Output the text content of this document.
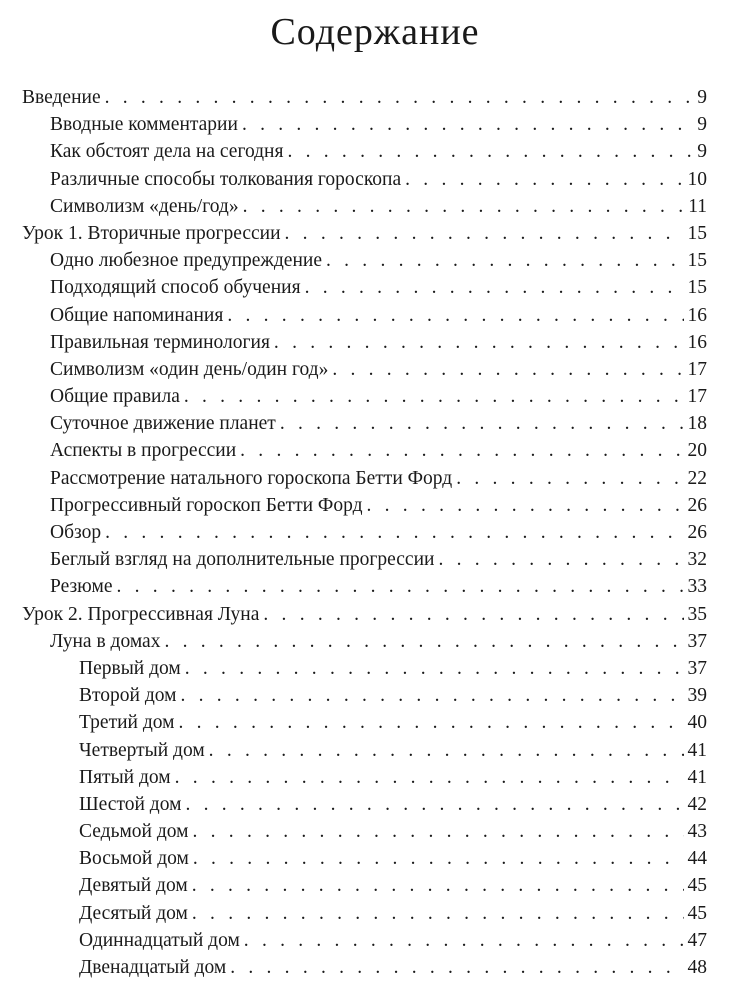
Содержание
Введение . . .	9
Вводные комментарии . . .	9
Как обстоят дела на сегодня . . .	9
Различные способы толкования гороскопа . . .	10
Символизм «день/год» . . .	11
Урок 1. Вторичные прогрессии . . .	15
Одно любезное предупреждение . . .	15
Подходящий способ обучения . . .	15
Общие напоминания . . .	16
Правильная терминология . . .	16
Символизм «один день/один год» . . .	17
Общие правила . . .	17
Суточное движение планет . . .	18
Аспекты в прогрессии . . .	20
Рассмотрение натального гороскопа Бетти Форд . . .	22
Прогрессивный гороскоп Бетти Форд . . .	26
Обзор . . .	26
Беглый взгляд на дополнительные прогрессии . . .	32
Резюме . . .	33
Урок 2. Прогрессивная Луна . . .	35
Луна в домах . . .	37
Первый дом . . .	37
Второй дом . . .	39
Третий дом . . .	40
Четвертый дом . . .	41
Пятый дом . . .	41
Шестой дом . . .	42
Седьмой дом . . .	43
Восьмой дом . . .	44
Девятый дом . . .	45
Десятый дом . . .	45
Одиннадцатый дом . . .	47
Двенадцатый дом . . .	48
